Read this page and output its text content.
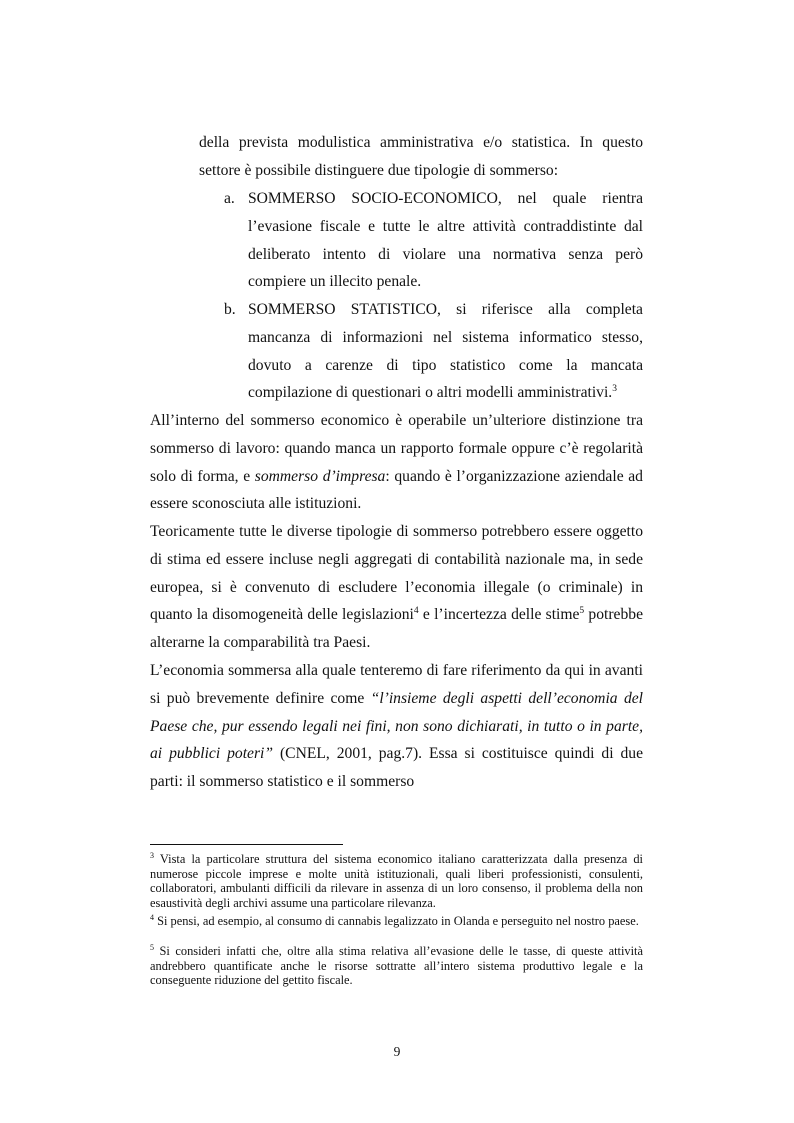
della prevista modulistica amministrativa e/o statistica. In questo settore è possibile distinguere due tipologie di sommerso:

a. SOMMERSO SOCIO-ECONOMICO, nel quale rientra l’evasione fiscale e tutte le altre attività contraddistinte dal deliberato intento di violare una normativa senza però compiere un illecito penale.

b. SOMMERSO STATISTICO, si riferisce alla completa mancanza di informazioni nel sistema informatico stesso, dovuto a carenze di tipo statistico come la mancata compilazione di questionari o altri modelli amministrativi.$^3$

All’interno del sommerso economico è operabile un’ulteriore distinzione tra sommerso di lavoro: quando manca un rapporto formale oppure c’è regolarità solo di forma, e sommerso d’impresa: quando è l’organizzazione aziendale ad essere sconosciuta alle istituzioni.

Teoricamente tutte le diverse tipologie di sommerso potrebbero essere oggetto di stima ed essere incluse negli aggregati di contabilità nazionale ma, in sede europea, si è convenuto di escludere l’economia illegale (o criminale) in quanto la disomogeneità delle legislazioni$^4$ e l’incertezza delle stime$^5$ potrebbe alterarne la comparabilità tra Paesi.

L’economia sommersa alla quale tenteremo di fare riferimento da qui in avanti si può brevemente definire come “l’insieme degli aspetti dell’economia del Paese che, pur essendo legali nei fini, non sono dichiarati, in tutto o in parte, ai pubblici poteri” (CNEL, 2001, pag.7). Essa si costituisce quindi di due parti: il sommerso statistico e il sommerso

$^3$ Vista la particolare struttura del sistema economico italiano caratterizzata dalla presenza di numerose piccole imprese e molte unità istituzionali, quali liberi professionisti, consulenti, collaboratori, ambulanti difficili da rilevare in assenza di un loro consenso, il problema della non esaustività degli archivi assume una particolare rilevanza.

$^4$ Si pensi, ad esempio, al consumo di cannabis legalizzato in Olanda e perseguito nel nostro paese.

$^5$ Si consideri infatti che, oltre alla stima relativa all’evasione delle le tasse, di queste attività andrebbero quantificate anche le risorse sottratte all’intero sistema produttivo legale e la conseguente riduzione del gettito fiscale.

9
